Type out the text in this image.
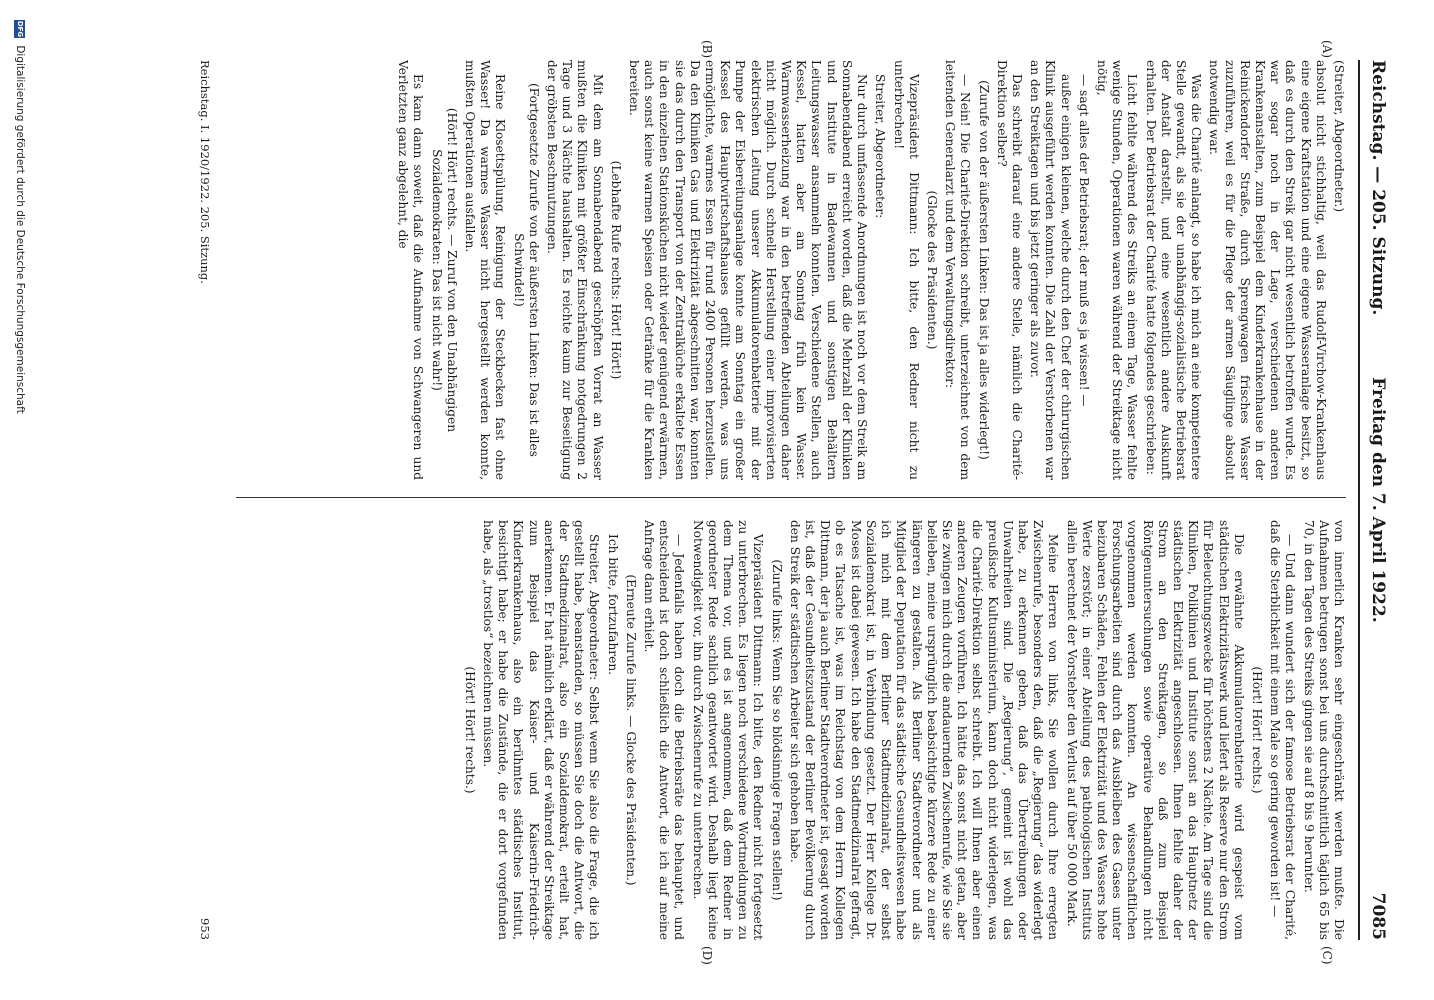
Reichstag. — 205. Sitzung.
Freitag den 7. April 1922.
7085
(A)
(B)
(C)
(D)

(Streiter, Abgeordneter.)

absolut nicht stichhaltig, weil das Rudolf-Virchow-Krankenhaus eine eigene Kraftstation und eine eigene Wasseranlage besitzt, so daß es durch den Streik gar nicht wesentlich betroffen wurde. Es war sogar noch in der Lage, verschiedenen anderen Krankenanstalten, zum Beispiel dem Kinderkrankenhause in der Reinickendorfer Straße, durch Sprengwagen frisches Wasser zuzuführen, weil es für die Pflege der armen Säuglinge absolut notwendig war.

Was die Charité anlangt, so habe ich mich an eine kompetentere Stelle gewandt, als sie der unabhängig-sozialistische Betriebsrat der Anstalt darstellt, und eine wesentlich andere Auskunft erhalten. Der Betriebsrat der Charité hatte folgendes geschrieben:

Licht fehlte während des Streiks an einem Tage, Wasser fehlte wenige Stunden, Operationen waren während der Streiktage nicht nötig,

— sagt alles der Betriebsrat; der muß es ja wissen! —

außer einigen kleinen, welche durch den Chef der chirurgischen Klinik ausgeführt werden konnten. Die Zahl der Verstorbenen war an den Streiktagen und bis jetzt geringer als zuvor.

Das schreibt darauf eine andere Stelle, nämlich die Charité-Direktion selber?

(Zurufe von der äußersten Linken: Das ist ja alles widerlegt!)

— Nein! Die Charité-Direktion schreibt, unterzeichnet von dem leitenden Generalarzt und dem Verwaltungsdirektor:

(Glocke des Präsidenten.)

Vizepräsident Dittmann: Ich bitte, den Redner nicht zu unterbrechen!

Streiter, Abgeordneter:

Nur durch umfassende Anordnungen ist noch vor dem Streik am Sonnabendabend erreicht worden, daß die Mehrzahl der Kliniken und Institute in Badewannen und sonstigen Behältern Leitungswasser ansammeln konnten. Verschiedene Stellen, auch Kessel, hatten aber am Sonntag früh kein Wasser. Warmwasserheizung war in den betreffenden Abteilungen daher nicht möglich. Durch schnelle Herstellung einer improvisierten elektrischen Leitung unserer Akkumulatorenbatterie mit der Pumpe der Eisbereitungsanlage konnte am Sonntag ein großer Kessel des Hauptwirtschaftshauses gefüllt werden, was uns ermöglichte, warmes Essen für rund 2400 Personen herzustellen. Da den Kliniken Gas und Elektrizität abgeschnitten war, konnten sie das durch den Transport von der Zentralküche erkaltete Essen in den einzelnen Stationsküchen nicht wieder genügend erwärmen, auch sonst keine warmen Speisen oder Getränke für die Kranken bereiten.

(Lebhafte Rufe rechts: Hört! Hört!)

Mit dem am Sonnabendabend geschöpften Vorrat an Wasser mußten die Kliniken mit größter Einschränkung notgedrungen 2 Tage und 3 Nächte haushalten. Es reichte kaum zur Beseitigung der gröbsten Beschmutzungen.

(Fortgesetzte Zurufe von der äußersten Linken: Das ist alles Schwindel!)

Reine Klosettspülung, Reinigung der Steckbecken fast ohne Wasser! Da warmes Wasser nicht hergestellt werden konnte, mußten Operationen ausfallen.

(Hört! Hört! rechts. — Zuruf von den Unabhängigen Sozialdemokraten: Das ist nicht wahr!)

Es kam dann soweit, daß die Aufnahme von Schwangeren und Verletzten ganz abgelehnt, die

von innerlich Kranken sehr eingeschränkt werden mußte. Die Aufnahmen betrugen sonst bei uns durchschnittlich täglich 65 bis 70, in den Tagen des Streiks gingen sie auf 8 bis 9 herunter.

— Und dann wundert sich der famose Betriebsrat der Charité, daß die Sterblichkeit mit einem Male so gering geworden ist! —

(Hört! Hört! rechts.)

Die erwähnte Akkumulatorenbatterie wird gespeist vom städtischen Elektrizitätswerk und liefert als Reserve nur den Strom für Beleuchtungszwecke für höchstens 2 Nächte. Am Tage sind die Kliniken, Poliklinien und Institute sonst an das Hauptnetz der städtischen Elektrizität angeschlossen. Ihnen fehlte daher der Strom an den Streiktagen, so daß zum Beispiel Röntgenuntersuchungen sowie operative Behandlungen nicht vorgenommen werden konnten. An wissenschaftlichen Forschungsarbeiten sind durch das Ausbleiben des Gases unter beizubaren Schäden, Fehlen der Elektrizität und des Wassers hohe Werte zerstört; in einer Abteilung des pathologischen Instituts allein berechnet der Vorsteher den Verlust auf über 50 000 Mark.

Meine Herren von links, Sie wollen durch Ihre erregten Zwischenrufe, besonders den, daß die „Regierung“ das widerlegt habe, zu erkennen geben, daß das Übertreibungen oder Unwahrheiten sind. Die „Regierung“, gemeint ist wohl das preußische Kultusministerium, kann doch nicht widerlegen, was die Charité-Direktion selbst schreibt. Ich will Ihnen aber einen anderen Zeugen vorführen. Ich hätte das sonst nicht getan, aber Sie zwingen mich durch die andauernden Zwischenrufe, wie Sie sie belieben, meine ursprünglich beabsichtigte kürzere Rede zu einer längeren zu gestalten. Als Berliner Stadtverordneter und als Mitglied der Deputation für das städtische Gesundheitswesen habe ich mich mit dem Berliner Stadtmedizinalrat, der selbst Sozialdemokrat ist, in Verbindung gesetzt. Der Herr Kollege Dr. Moses ist dabei gewesen. Ich habe den Stadtmedizinalrat gefragt, ob es Tatsache ist, was im Reichstag von dem Herrn Kollegen Dittmann, der ja auch Berliner Stadtverordneter ist, gesagt worden ist, daß der Gesundheitszustand der Berliner Bevölkerung durch den Streik der städtischen Arbeiter sich gehoben habe.

(Zurufe links: Wenn Sie so blödsinnige Fragen stellen!)

Vizepräsident Dittmann: Ich bitte, den Redner nicht fortgesetzt zu unterbrechen. Es liegen noch verschiedene Wortmeldungen zu dem Thema vor, und es ist angenommen, daß dem Redner in geordneter Rede sachlich geantwortet wird. Deshalb liegt keine Notwendigkeit vor, ihn durch Zwischenrufe zu unterbrechen.

— Jedenfalls haben doch die Betriebsräte das behauptet, und entscheidend ist doch schließlich die Antwort, die ich auf meine Anfrage dann erhielt.

(Erneute Zurufe links. — Glocke des Präsidenten.)

Ich bitte, fortzufahren.

Streiter, Abgeordneter: Selbst wenn Sie also die Frage, die ich gestellt habe, beanstanden, so müssen Sie doch die Antwort, die der Stadtmedizinalrat, also ein Sozialdemokrat, erteilt hat, anerkennen. Er hat nämlich erklärt, daß er während der Streiktage zum Beispiel das Kaiser- und Kaiserin-Friedrich-Kinderkrankenhaus, also ein berühmtes städtisches Institut, besichtigt habe; er habe die Zustände, die er dort vorgefunden habe, als „trostlos“ bezeichnen müssen.

(Hört! Hört! rechts.)

Reichstag. I. 1920/1922. 205. Sitzung.
953
DFG Digitalisierung gefördert durch die Deutsche Forschungsgemeinschaft
